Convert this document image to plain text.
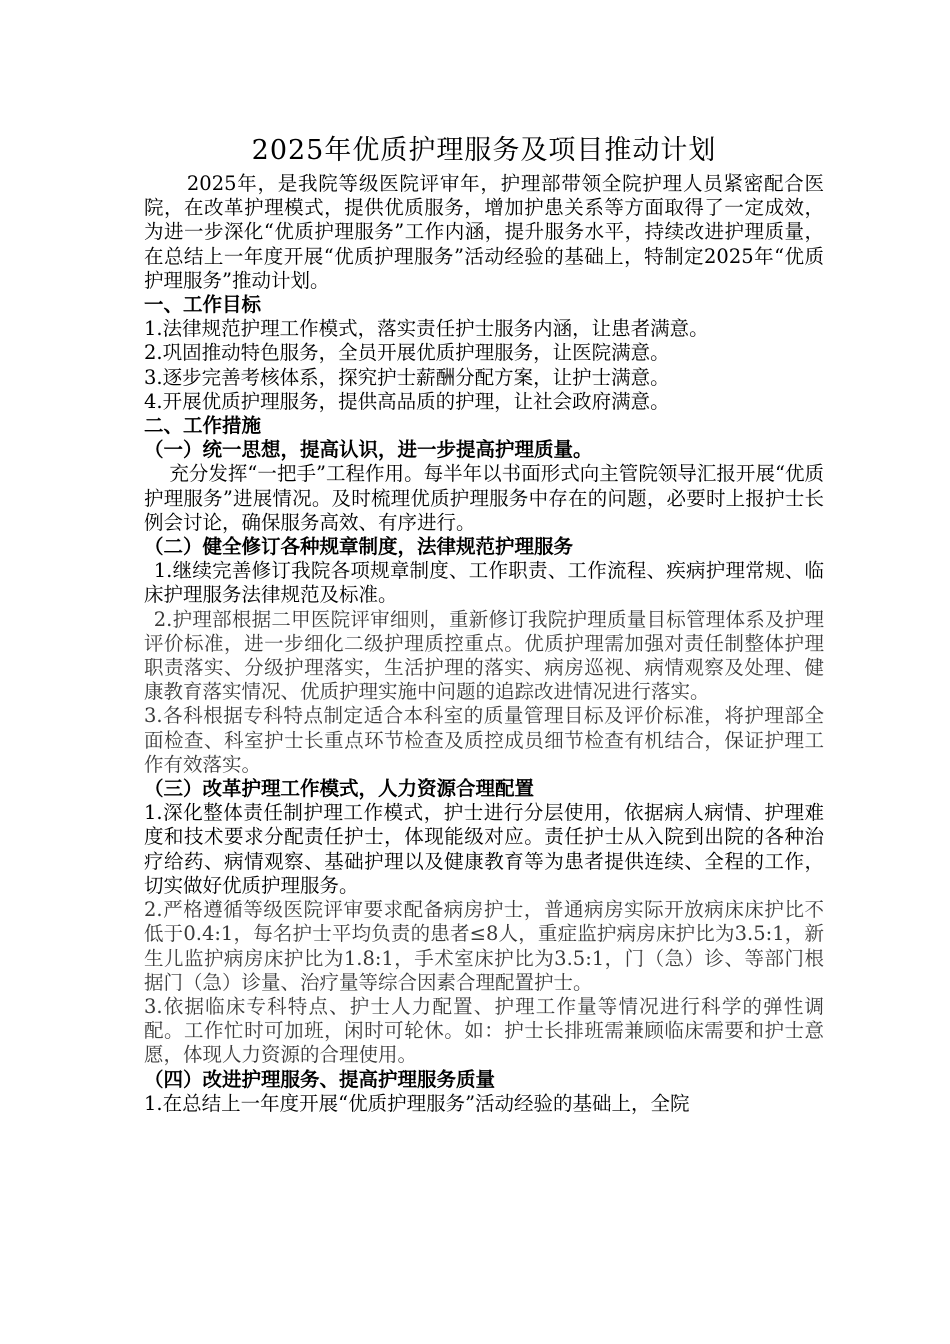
2025年优质护理服务及项目推动计划

2025年，是我院等级医院评审年，护理部带领全院护理人员紧密配合医院，在改革护理模式，提供优质服务，增加护患关系等方面取得了一定成效，为进一步深化“优质护理服务”工作内涵，提升服务水平，持续改进护理质量，在总结上一年度开展“优质护理服务”活动经验的基础上，特制定2025年“优质护理服务”推动计划。

一、工作目标

1.法律规范护理工作模式，落实责任护士服务内涵，让患者满意。

2.巩固推动特色服务，全员开展优质护理服务，让医院满意。

3.逐步完善考核体系，探究护士薪酬分配方案，让护士满意。

4.开展优质护理服务，提供高品质的护理，让社会政府满意。

二、工作措施

（一）统一思想，提高认识，进一步提高护理质量。

充分发挥“一把手”工程作用。每半年以书面形式向主管院领导汇报开展“优质护理服务”进展情况。及时梳理优质护理服务中存在的问题，必要时上报护士长例会讨论，确保服务高效、有序进行。

（二）健全修订各种规章制度，法律规范护理服务

1.继续完善修订我院各项规章制度、工作职责、工作流程、疾病护理常规、临床护理服务法律规范及标准。

2.护理部根据二甲医院评审细则，重新修订我院护理质量目标管理体系及护理评价标准，进一步细化二级护理质控重点。优质护理需加强对责任制整体护理职责落实、分级护理落实，生活护理的落实、病房巡视、病情观察及处理、健康教育落实情况、优质护理实施中问题的追踪改进情况进行落实。

3.各科根据专科特点制定适合本科室的质量管理目标及评价标准，将护理部全面检查、科室护士长重点环节检查及质控成员细节检查有机结合，保证护理工作有效落实。

（三）改革护理工作模式，人力资源合理配置

1.深化整体责任制护理工作模式，护士进行分层使用，依据病人病情、护理难度和技术要求分配责任护士，体现能级对应。责任护士从入院到出院的各种治疗给药、病情观察、基础护理以及健康教育等为患者提供连续、全程的工作，切实做好优质护理服务。

2.严格遵循等级医院评审要求配备病房护士，普通病房实际开放病床床护比不低于0.4:1，每名护士平均负责的患者≤8人，重症监护病房床护比为3.5:1，新生儿监护病房床护比为1.8:1，手术室床护比为3.5:1，门（急）诊、等部门根据门（急）诊量、治疗量等综合因素合理配置护士。

3.依据临床专科特点、护士人力配置、护理工作量等情况进行科学的弹性调配。工作忙时可加班，闲时可轮休。如：护士长排班需兼顾临床需要和护士意愿，体现人力资源的合理使用。

（四）改进护理服务、提高护理服务质量

1.在总结上一年度开展“优质护理服务”活动经验的基础上，全院
